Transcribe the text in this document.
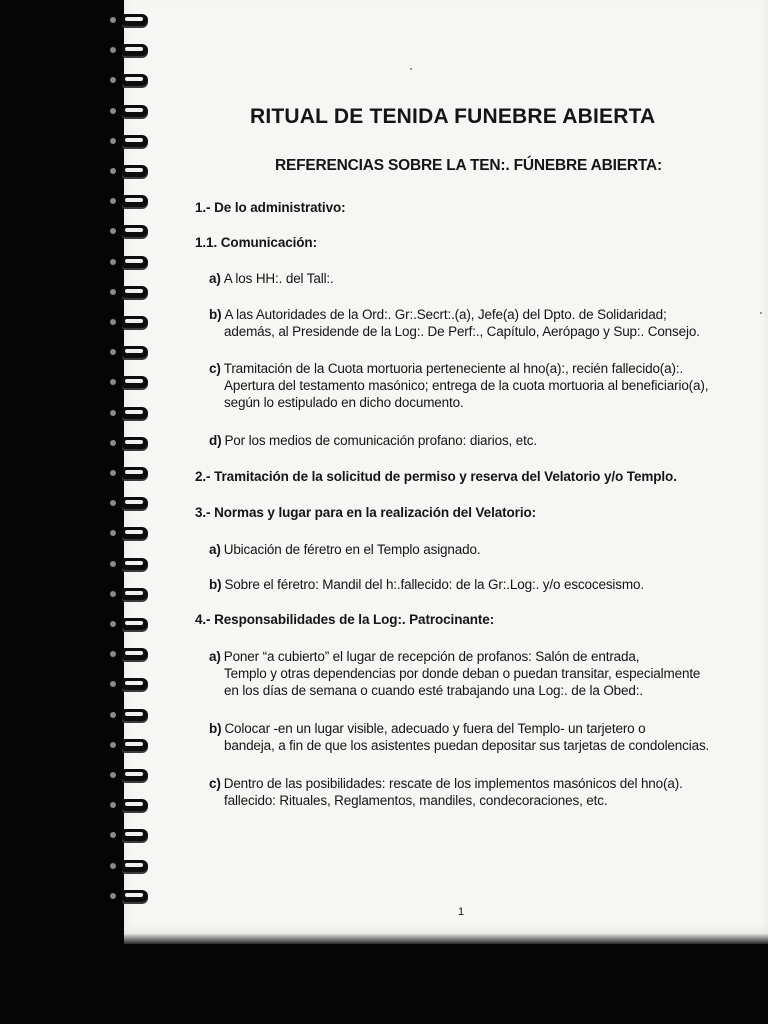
RITUAL DE TENIDA FUNEBRE ABIERTA
REFERENCIAS SOBRE LA TEN:. FÚNEBRE ABIERTA:
1.- De lo administrativo:
1.1. Comunicación:
a) A los HH:. del Tall:.
b) A las Autoridades de la Ord:. Gr:.Secrt:.(a), Jefe(a) del Dpto. de Solidaridad;
además, al Presidende de la Log:. De Perf:., Capítulo, Aerópago y Sup:. Consejo.
c) Tramitación de la Cuota mortuoria perteneciente al hno(a):, recién fallecido(a):.
Apertura del testamento masónico; entrega de la cuota mortuoria al beneficiario(a),
según lo estipulado en dicho documento.
d) Por los medios de comunicación profano: diarios, etc.
2.- Tramitación de la solicitud de permiso y reserva del Velatorio y/o Templo.
3.- Normas y lugar para en la realización del Velatorio:
a) Ubicación de féretro en el Templo asignado.
b) Sobre el féretro: Mandil del h:.fallecido: de la Gr:.Log:. y/o escocesismo.
4.- Responsabilidades de la Log:. Patrocinante:
a) Poner “a cubierto” el lugar de recepción de profanos: Salón de entrada,
Templo y otras dependencias por donde deban o puedan transitar, especialmente
en los días de semana o cuando esté trabajando una Log:. de la Obed:.
b) Colocar -en un lugar visible, adecuado y fuera del Templo- un tarjetero o
bandeja, a fin de que los asistentes puedan depositar sus tarjetas de condolencias.
c) Dentro de las posibilidades: rescate de los implementos masónicos del hno(a).
fallecido: Rituales, Reglamentos, mandiles, condecoraciones, etc.
1
